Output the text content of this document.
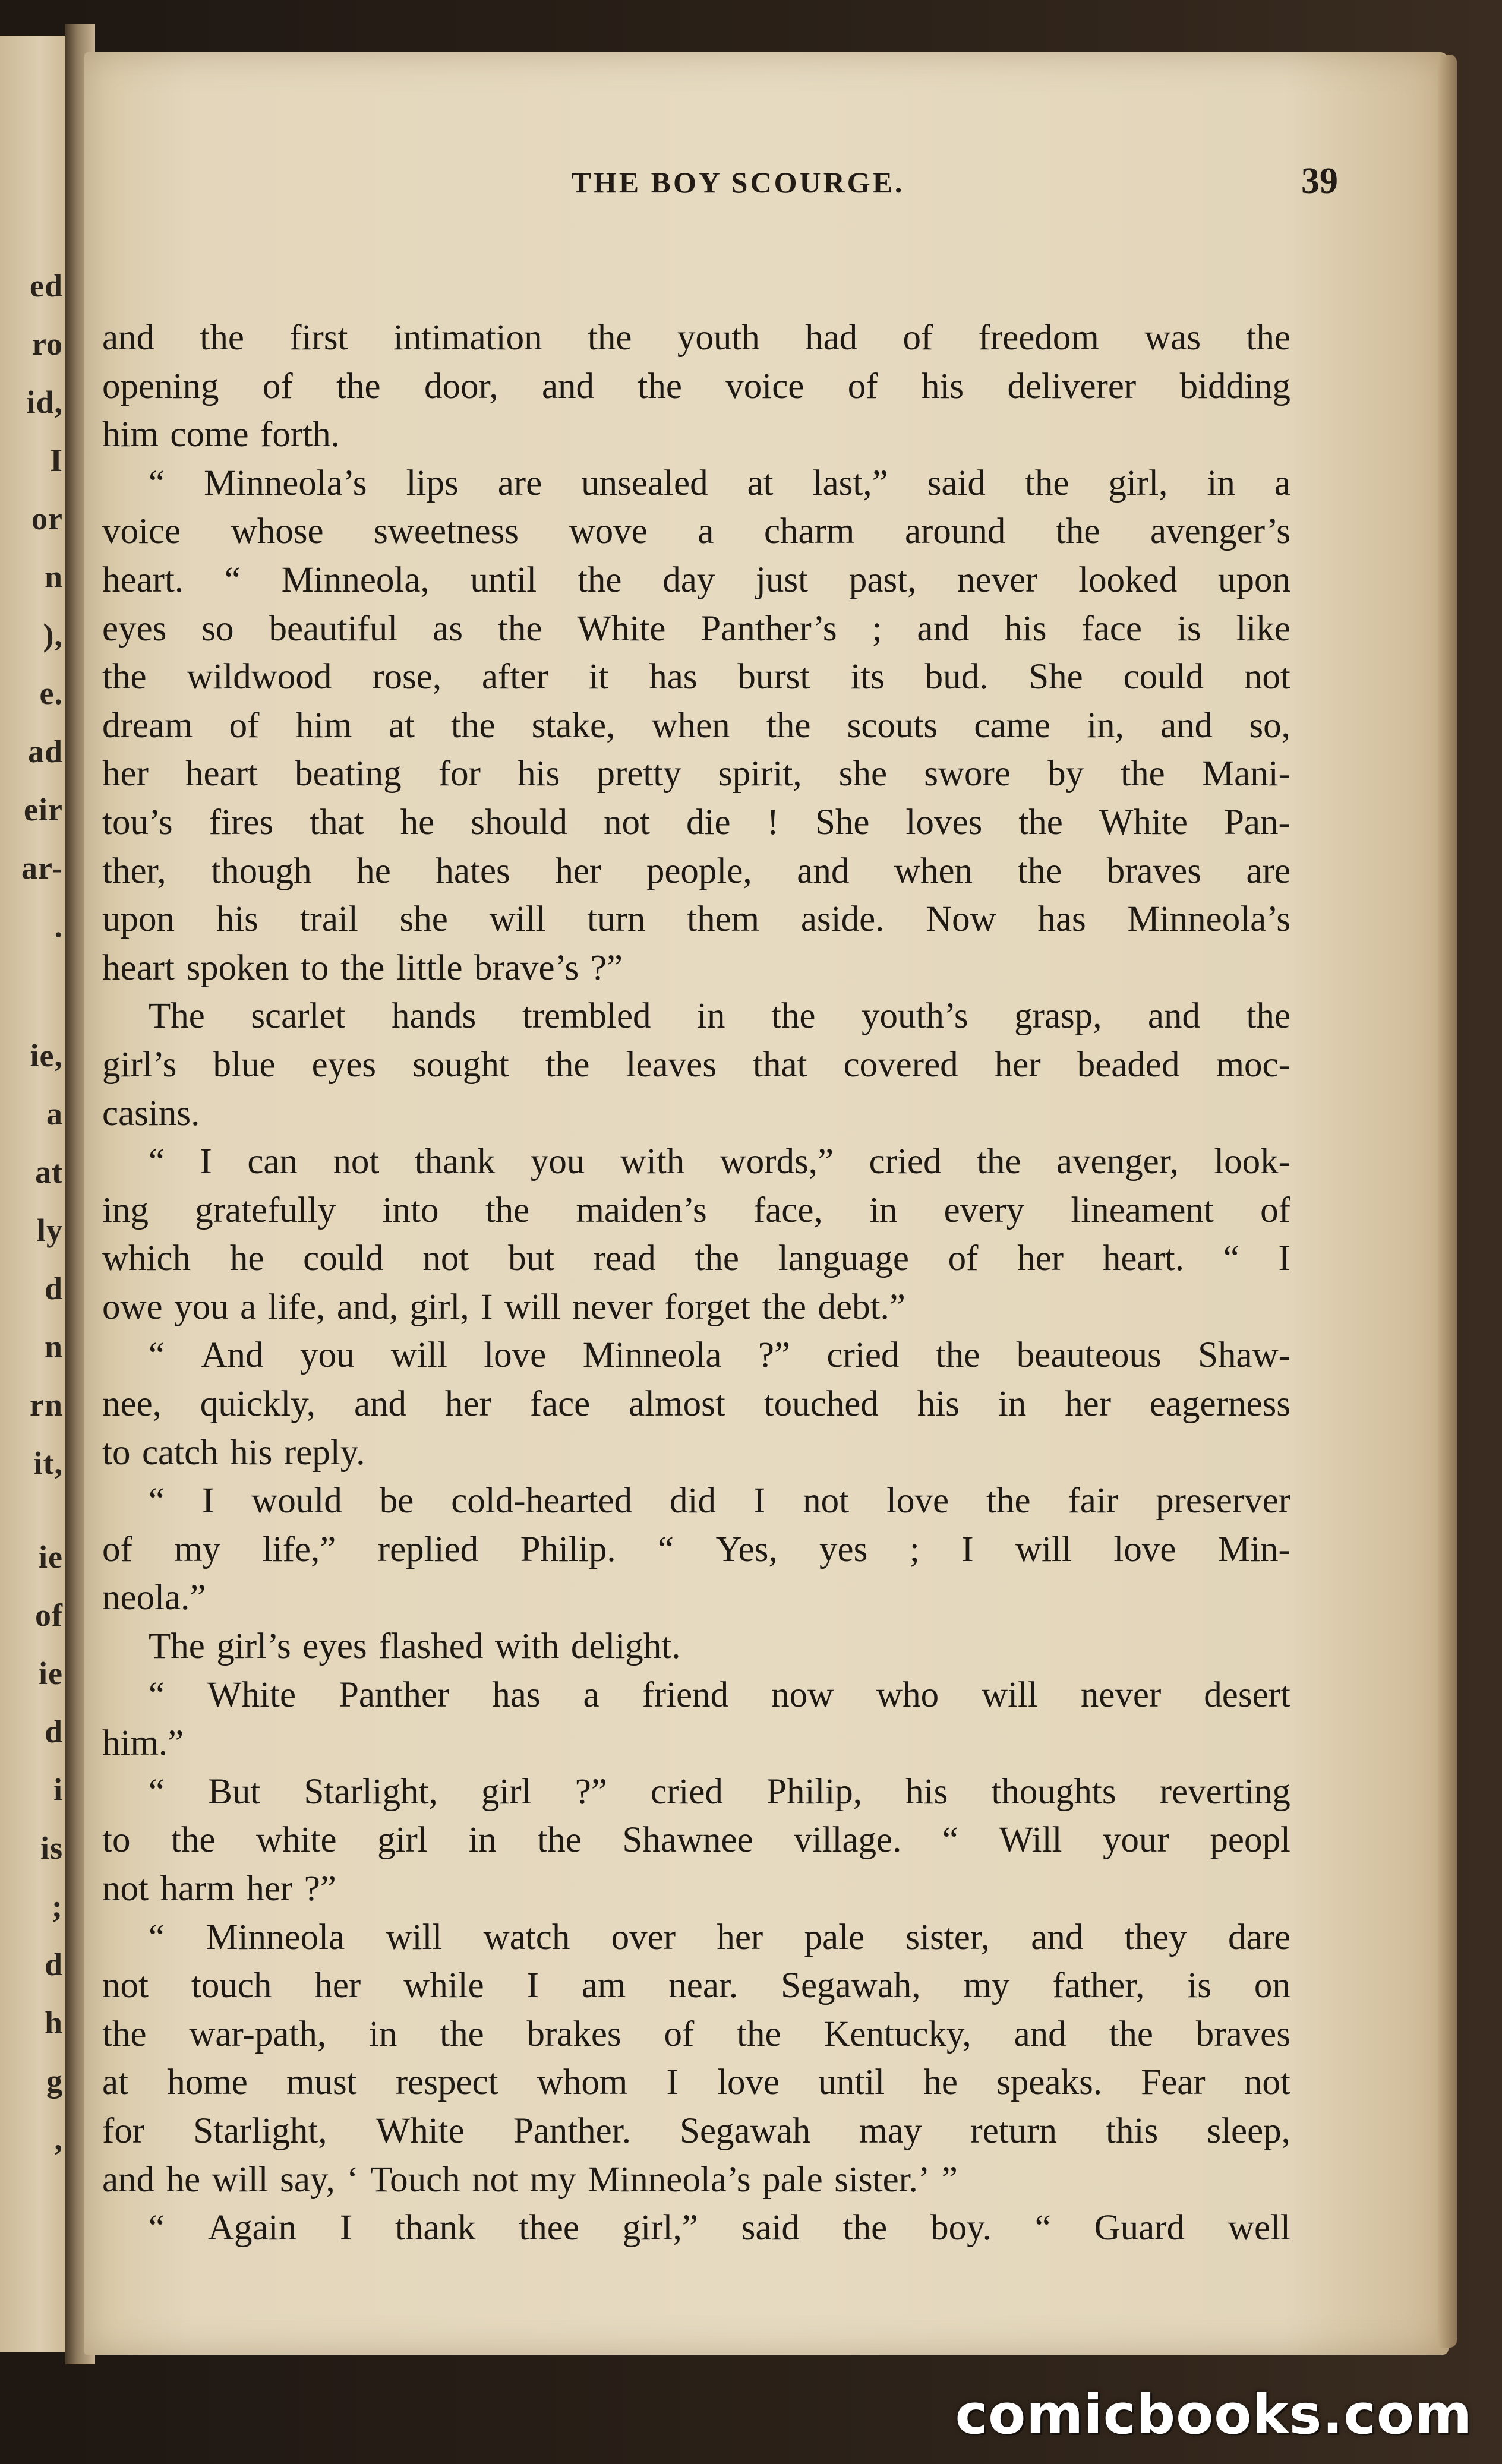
ed
ro
id,
I
or
n
),
e.
ad
eir
ar-
.
ie,
a
at
ly
d
n
rn
it,
ie
of
ie
d
i
is
;
d
h
g
,
THE BOY SCOURGE.	39
and the first intimation the youth had of freedom was the
opening of the door, and the voice of his deliverer bidding
him come forth.
“ Minneola’s lips are unsealed at last,” said the girl, in a
voice whose sweetness wove a charm around the avenger’s
heart. “ Minneola, until the day just past, never looked upon
eyes so beautiful as the White Panther’s ; and his face is like
the wildwood rose, after it has burst its bud. She could not
dream of him at the stake, when the scouts came in, and so,
her heart beating for his pretty spirit, she swore by the Mani-
tou’s fires that he should not die ! She loves the White Pan-
ther, though he hates her people, and when the braves are
upon his trail she will turn them aside. Now has Minneola’s
heart spoken to the little brave’s ?”
The scarlet hands trembled in the youth’s grasp, and the
girl’s blue eyes sought the leaves that covered her beaded moc-
casins.
“ I can not thank you with words,” cried the avenger, look-
ing gratefully into the maiden’s face, in every lineament of
which he could not but read the language of her heart. “ I
owe you a life, and, girl, I will never forget the debt.”
“ And you will love Minneola ?” cried the beauteous Shaw-
nee, quickly, and her face almost touched his in her eagerness
to catch his reply.
“ I would be cold-hearted did I not love the fair preserver
of my life,” replied Philip. “ Yes, yes ; I will love Min-
neola.”
The girl’s eyes flashed with delight.
“ White Panther has a friend now who will never desert
him.”
“ But Starlight, girl ?” cried Philip, his thoughts reverting
to the white girl in the Shawnee village. “ Will your peopl
not harm her ?”
“ Minneola will watch over her pale sister, and they dare
not touch her while I am near. Segawah, my father, is on
the war-path, in the brakes of the Kentucky, and the braves
at home must respect whom I love until he speaks. Fear not
for Starlight, White Panther. Segawah may return this sleep,
and he will say, ‘ Touch not my Minneola’s pale sister.’ ”
“ Again I thank thee girl,” said the boy. “ Guard well
comicbooks.com
